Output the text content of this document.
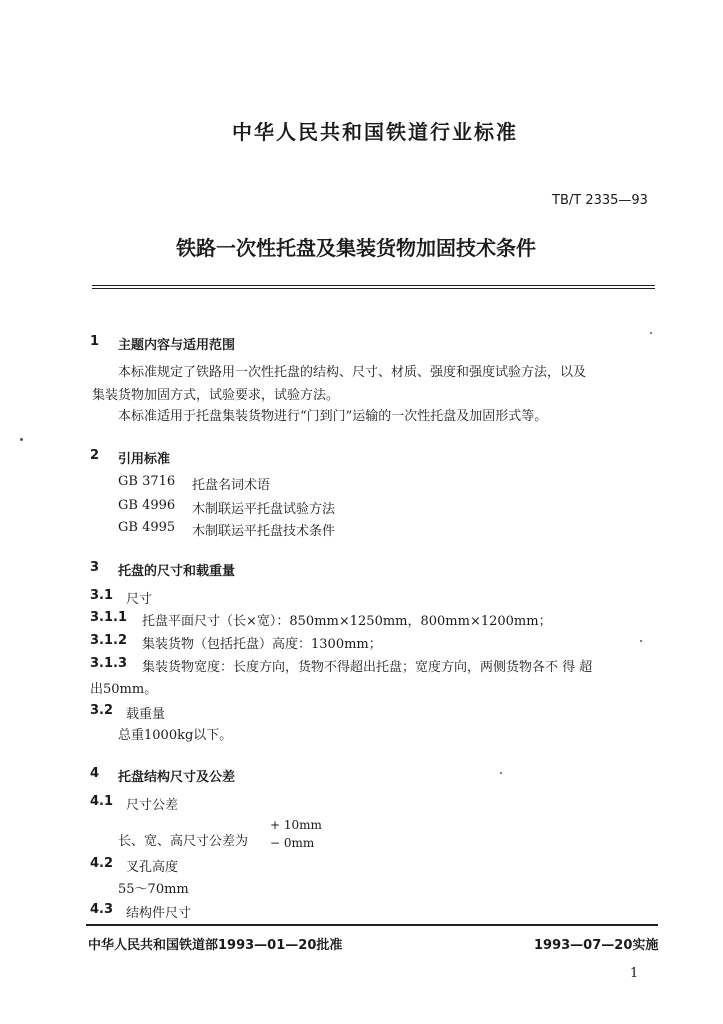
中华人民共和国铁道行业标准
TB/T 2335—93
铁路一次性托盘及集装货物加固技术条件
1 主题内容与适用范围
本标准规定了铁路用一次性托盘的结构、尺寸、材质、强度和强度试验方法，以及
集装货物加固方式，试验要求，试验方法。
本标准适用于托盘集装货物进行“门到门”运输的一次性托盘及加固形式等。
2 引用标准
GB 3716 托盘名词术语
GB 4996 木制联运平托盘试验方法
GB 4995 木制联运平托盘技术条件
3 托盘的尺寸和载重量
3.1 尺寸
3.1.1 托盘平面尺寸（长×宽）：850mm×1250mm，800mm×1200mm；
3.1.2 集装货物（包括托盘）高度：1300mm；
3.1.3 集装货物宽度：长度方向，货物不得超出托盘；宽度方向，两侧货物各不 得 超
出50mm。
3.2 载重量
总重1000kg以下。
4 托盘结构尺寸及公差
4.1 尺寸公差
长、宽、高尺寸公差为
+ 10mm
− 0mm
4.2 叉孔高度
55～70mm
4.3 结构件尺寸
中华人民共和国铁道部1993—01—20批准	1993—07—20实施
1
